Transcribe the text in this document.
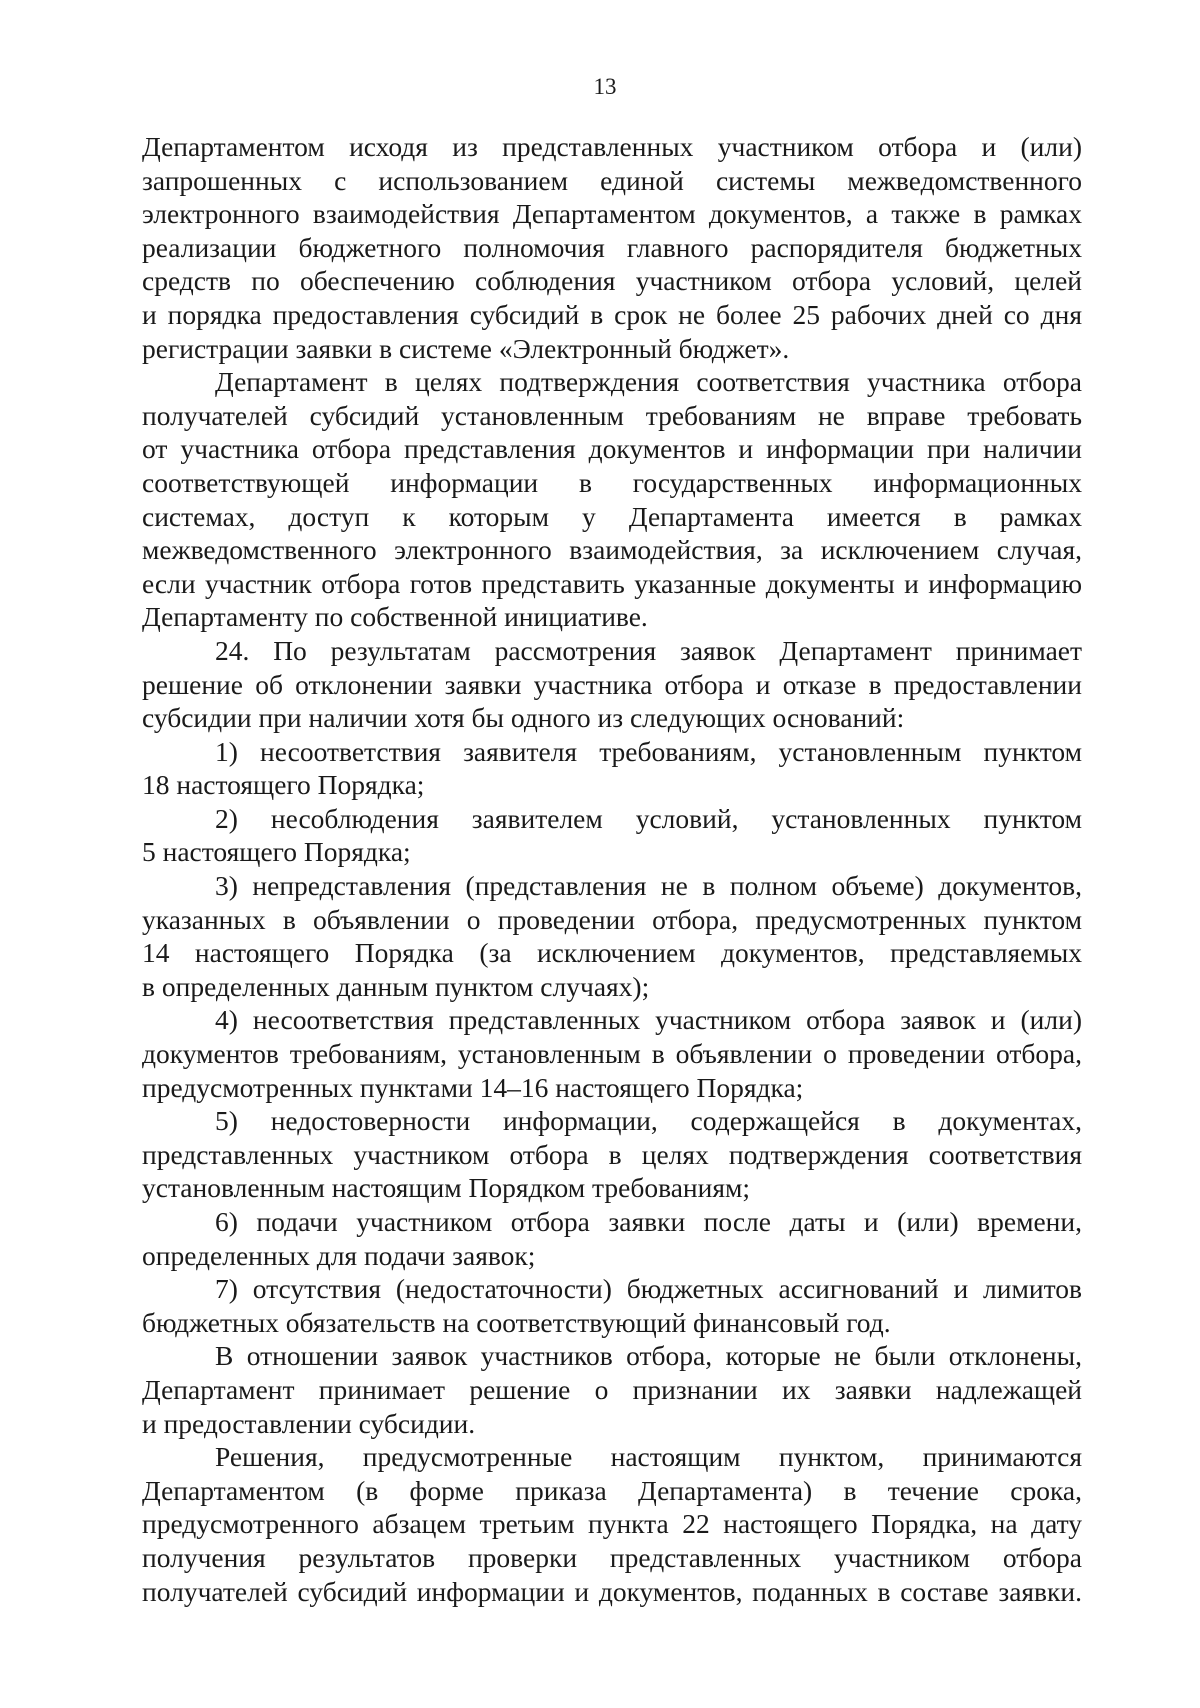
13
Департаментом исходя из представленных участником отбора и (или)
запрошенных с использованием единой системы межведомственного
электронного взаимодействия Департаментом документов, а также в рамках
реализации бюджетного полномочия главного распорядителя бюджетных
средств по обеспечению соблюдения участником отбора условий, целей
и порядка предоставления субсидий в срок не более 25 рабочих дней со дня
регистрации заявки в системе «Электронный бюджет».
Департамент в целях подтверждения соответствия участника отбора
получателей субсидий установленным требованиям не вправе требовать
от участника отбора представления документов и информации при наличии
соответствующей информации в государственных информационных
системах, доступ к которым у Департамента имеется в рамках
межведомственного электронного взаимодействия, за исключением случая,
если участник отбора готов представить указанные документы и информацию
Департаменту по собственной инициативе.
24. По результатам рассмотрения заявок Департамент принимает
решение об отклонении заявки участника отбора и отказе в предоставлении
субсидии при наличии хотя бы одного из следующих оснований:
1) несоответствия заявителя требованиям, установленным пунктом
18 настоящего Порядка;
2) несоблюдения заявителем условий, установленных пунктом
5 настоящего Порядка;
3) непредставления (представления не в полном объеме) документов,
указанных в объявлении о проведении отбора, предусмотренных пунктом
14 настоящего Порядка (за исключением документов, представляемых
в определенных данным пунктом случаях);
4) несоответствия представленных участником отбора заявок и (или)
документов требованиям, установленным в объявлении о проведении отбора,
предусмотренных пунктами 14–16 настоящего Порядка;
5) недостоверности информации, содержащейся в документах,
представленных участником отбора в целях подтверждения соответствия
установленным настоящим Порядком требованиям;
6) подачи участником отбора заявки после даты и (или) времени,
определенных для подачи заявок;
7) отсутствия (недостаточности) бюджетных ассигнований и лимитов
бюджетных обязательств на соответствующий финансовый год.
В отношении заявок участников отбора, которые не были отклонены,
Департамент принимает решение о признании их заявки надлежащей
и предоставлении субсидии.
Решения, предусмотренные настоящим пунктом, принимаются
Департаментом (в форме приказа Департамента) в течение срока,
предусмотренного абзацем третьим пункта 22 настоящего Порядка, на дату
получения результатов проверки представленных участником отбора
получателей субсидий информации и документов, поданных в составе заявки.
